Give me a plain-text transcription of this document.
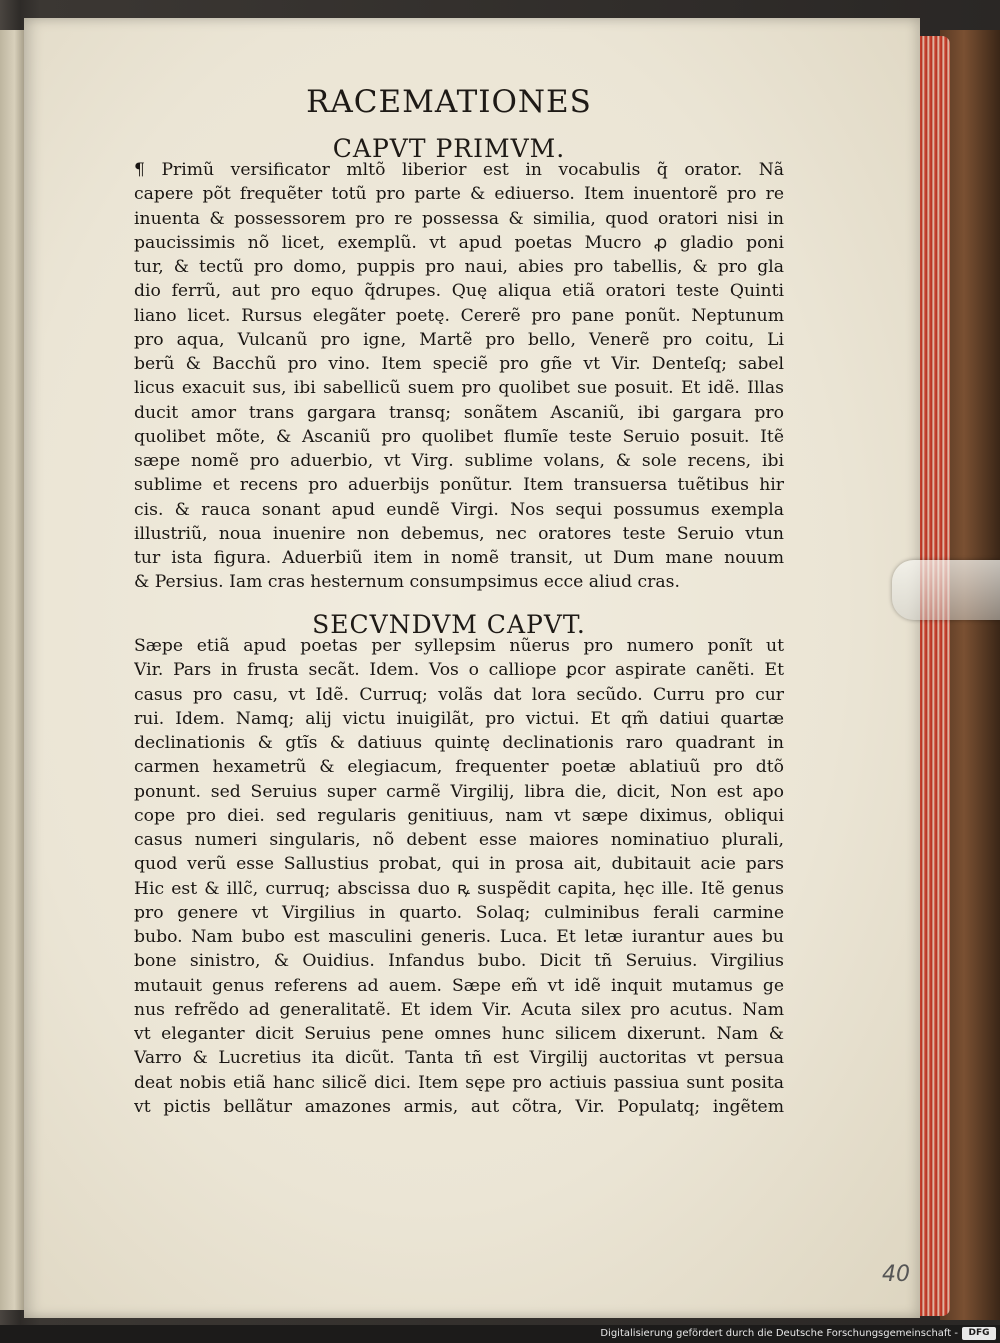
RACEMATIONES
CAPVT PRIMVM.
¶ Primũ versificator mltõ liberior est in vocabulis q̃ orator. Nã
capere põt frequẽter totũ pro parte & ediuerso. Item inuentorẽ pro re
inuenta & possessorem pro re possessa & similia, quod oratori nisi in
paucissimis nõ licet, exemplũ. vt apud poetas Mucro ꝓ gladio poni
tur, & tectũ pro domo, puppis pro naui, abies pro tabellis, & pro gla
dio ferrũ, aut pro equo q̃drupes. Quę aliqua etiã oratori teste Quinti
liano licet. Rursus elegãter poetę. Cererẽ pro pane ponũt. Neptunum
pro aqua, Vulcanũ pro igne, Martẽ pro bello, Venerẽ pro coitu, Li
berũ & Bacchũ pro vino. Item speciẽ pro gñe vt Vir. Denteſq; sabel
licus exacuit sus, ibi sabellicũ suem pro quolibet sue posuit. Et idẽ. Illas
ducit amor trans gargara transq; sonãtem Ascaniũ, ibi gargara pro
quolibet mõte, & Ascaniũ pro quolibet flumĩe teste Seruio posuit. Itẽ
sæpe nomẽ pro aduerbio, vt Virg. sublime volans, & sole recens, ibi
sublime et recens pro aduerbijs ponũtur. Item transuersa tuẽtibus hir
cis. & rauca sonant apud eundẽ Virgi. Nos sequi possumus exempla
illustriũ, noua inuenire non debemus, nec oratores teste Seruio vtun
tur ista figura. Aduerbiũ item in nomẽ transit, ut Dum mane nouum
& Persius. Iam cras hesternum consumpsimus ecce aliud cras.
SECVNDVM CAPVT.
Sæpe etiã apud poetas per syllepsim nũerus pro numero ponĩt ut
Vir. Pars in frusta secãt. Idem. Vos o calliope ꝑcor aspirate canẽti. Et
casus pro casu, vt Idẽ. Curruq; volãs dat lora secũdo. Curru pro cur
rui. Idem. Namq; alij victu inuigilãt, pro victui. Et qm̃ datiui quartæ
declinationis & gtĩs & datiuus quintę declinationis raro quadrant in
carmen hexametrũ & elegiacum, frequenter poetæ ablatiuũ pro dtõ
ponunt. sed Seruius super carmẽ Virgilij, libra die, dicit, Non est apo
cope pro diei. sed regularis genitiuus, nam vt sæpe diximus, obliqui
casus numeri singularis, nõ debent esse maiores nominatiuo plurali,
quod verũ esse Sallustius probat, qui in prosa ait, dubitauit acie pars
Hic est & illc̃, curruq; abscissa duo ꝶ suspẽdit capita, hęc ille. Itẽ genus
pro genere vt Virgilius in quarto. Solaq; culminibus ferali carmine
bubo. Nam bubo est masculini generis. Luca. Et letæ iurantur aues bu
bone sinistro, & Ouidius. Infandus bubo. Dicit tñ Seruius. Virgilius
mutauit genus referens ad auem. Sæpe em̃ vt idẽ inquit mutamus ge
nus refrẽdo ad generalitatẽ. Et idem Vir. Acuta silex pro acutus. Nam
vt eleganter dicit Seruius pene omnes hunc silicem dixerunt. Nam &
Varro & Lucretius ita dicũt. Tanta tñ est Virgilij auctoritas vt persua
deat nobis etiã hanc silicẽ dici. Item sępe pro actiuis passiua sunt posita
vt pictis bellãtur amazones armis, aut cõtra, Vir. Populatq; ingẽtem
40
Digitalisierung gefördert durch die Deutsche Forschungsgemeinschaft -	DFG
